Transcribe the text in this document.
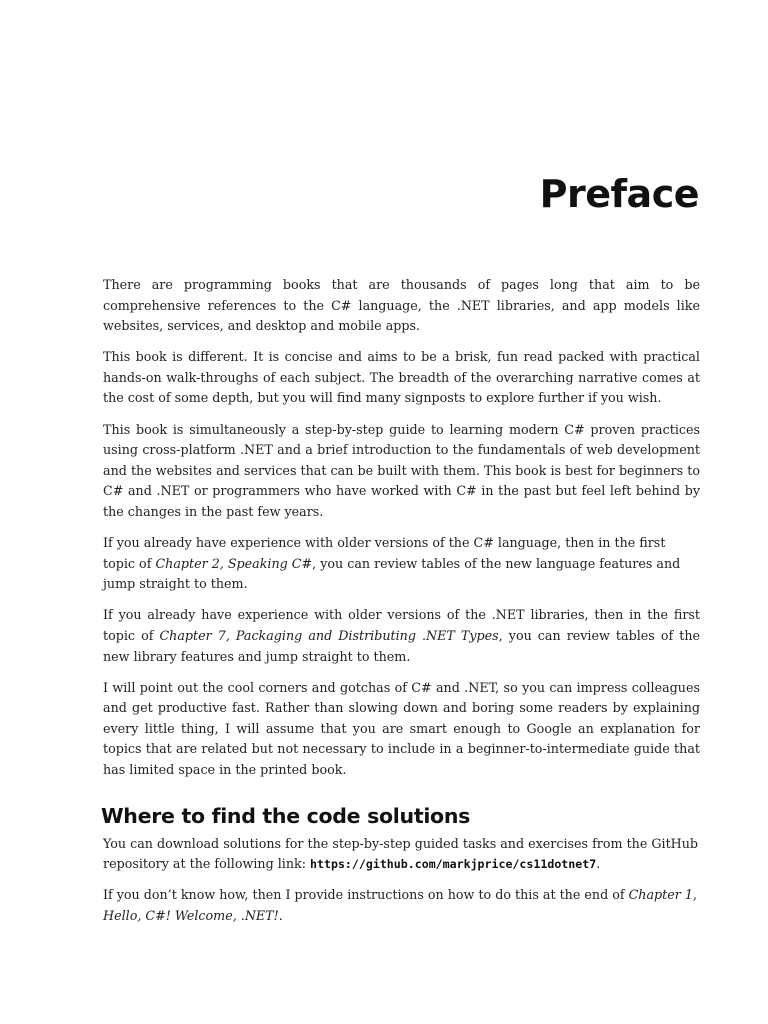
Preface

There are programming books that are thousands of pages long that aim to be comprehensive references to the C# language, the .NET libraries, and app models like websites, services, and desktop and mobile apps.

This book is different. It is concise and aims to be a brisk, fun read packed with practical hands-on walk-throughs of each subject. The breadth of the overarching narrative comes at the cost of some depth, but you will find many signposts to explore further if you wish.

This book is simultaneously a step-by-step guide to learning modern C# proven practices using cross-platform .NET and a brief introduction to the fundamentals of web development and the websites and services that can be built with them. This book is best for beginners to C# and .NET or programmers who have worked with C# in the past but feel left behind by the changes in the past few years.

If you already have experience with older versions of the C# language, then in the first topic of Chapter 2, Speaking C#, you can review tables of the new language features and jump straight to them.

If you already have experience with older versions of the .NET libraries, then in the first topic of Chapter 7, Packaging and Distributing .NET Types, you can review tables of the new library features and jump straight to them.

I will point out the cool corners and gotchas of C# and .NET, so you can impress colleagues and get productive fast. Rather than slowing down and boring some readers by explaining every little thing, I will assume that you are smart enough to Google an explanation for topics that are related but not necessary to include in a beginner-to-intermediate guide that has limited space in the printed book.

Where to find the code solutions

You can download solutions for the step-by-step guided tasks and exercises from the GitHub repository at the following link: https://github.com/markjprice/cs11dotnet7.

If you don’t know how, then I provide instructions on how to do this at the end of Chapter 1, Hello, C#! Welcome, .NET!.
